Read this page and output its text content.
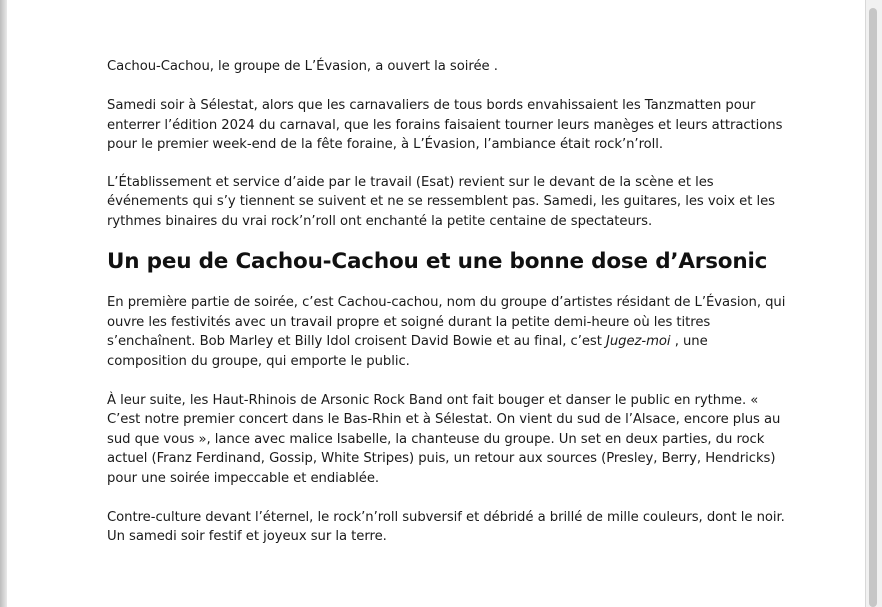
Cachou-Cachou, le groupe de L’Évasion, a ouvert la soirée .

Samedi soir à Sélestat, alors que les carnavaliers de tous bords envahissaient les Tanzmatten pour enterrer l’édition 2024 du carnaval, que les forains faisaient tourner leurs manèges et leurs attractions pour le premier week-end de la fête foraine, à L’Évasion, l’ambiance était rock’n’roll.

L’Établissement et service d’aide par le travail (Esat) revient sur le devant de la scène et les événements qui s’y tiennent se suivent et ne se ressemblent pas. Samedi, les guitares, les voix et les rythmes binaires du vrai rock’n’roll ont enchanté la petite centaine de spectateurs.

Un peu de Cachou-Cachou et une bonne dose d’Arsonic

En première partie de soirée, c’est Cachou-cachou, nom du groupe d’artistes résidant de L’Évasion, qui ouvre les festivités avec un travail propre et soigné durant la petite demi-heure où les titres s’enchaînent. Bob Marley et Billy Idol croisent David Bowie et au final, c’est Jugez-moi , une composition du groupe, qui emporte le public.

À leur suite, les Haut-Rhinois de Arsonic Rock Band ont fait bouger et danser le public en rythme. « C’est notre premier concert dans le Bas-Rhin et à Sélestat. On vient du sud de l’Alsace, encore plus au sud que vous », lance avec malice Isabelle, la chanteuse du groupe. Un set en deux parties, du rock actuel (Franz Ferdinand, Gossip, White Stripes) puis, un retour aux sources (Presley, Berry, Hendricks) pour une soirée impeccable et endiablée.

Contre-culture devant l’éternel, le rock’n’roll subversif et débridé a brillé de mille couleurs, dont le noir. Un samedi soir festif et joyeux sur la terre.
